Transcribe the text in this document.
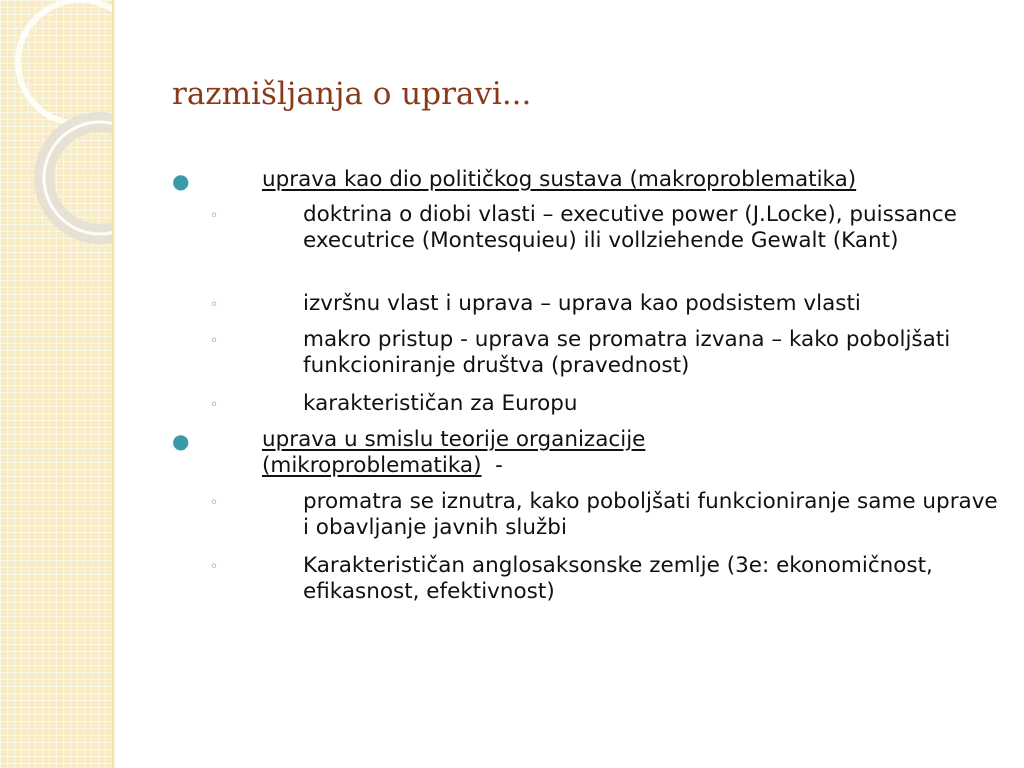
razmišljanja o upravi...
●	uprava kao dio političkog sustava (makroproblematika)
◦	doktrina o diobi vlasti – executive power (J.Locke), puissance executrice (Montesquieu) ili vollziehende Gewalt (Kant)
◦	izvršnu vlast i uprava – uprava kao podsistem vlasti
◦	makro pristup - uprava se promatra izvana – kako poboljšati funkcioniranje društva (pravednost)
◦	karakterističan za Europu
●	uprava u smislu teorije organizacije (mikroproblematika)  -
◦	promatra se iznutra, kako poboljšati funkcioniranje same uprave i obavljanje javnih službi
◦	Karakterističan anglosaksonske zemlje (3e: ekonomičnost, efikasnost, efektivnost)
